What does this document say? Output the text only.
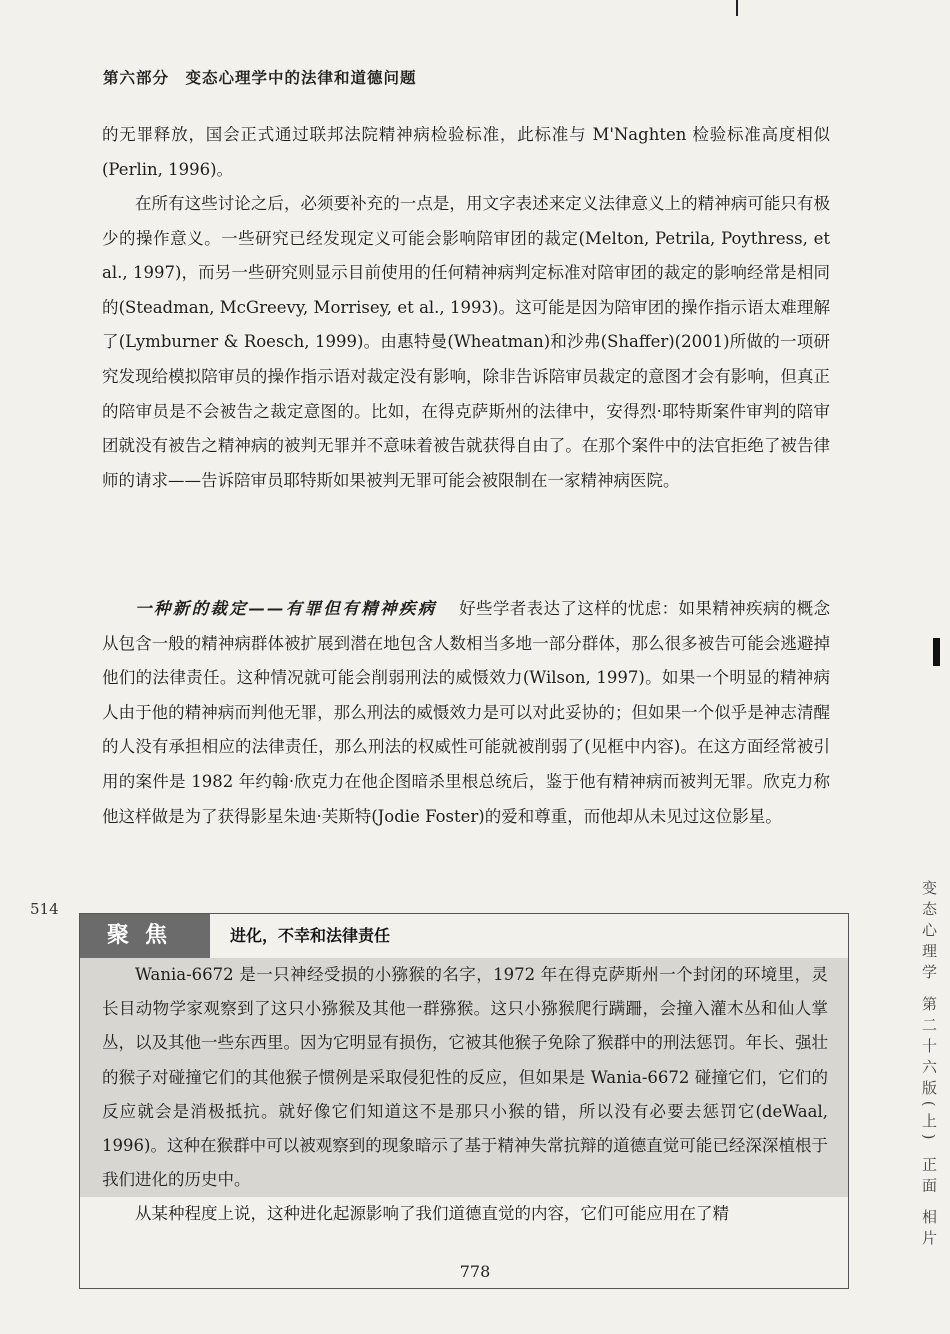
第六部分　变态心理学中的法律和道德问题

的无罪释放，国会正式通过联邦法院精神病检验标准，此标准与 M'Naghten 检验标准高度相似(Perlin, 1996)。

在所有这些讨论之后，必须要补充的一点是，用文字表述来定义法律意义上的精神病可能只有极少的操作意义。一些研究已经发现定义可能会影响陪审团的裁定(Melton, Petrila, Poythress, et al., 1997)，而另一些研究则显示目前使用的任何精神病判定标准对陪审团的裁定的影响经常是相同的(Steadman, McGreevy, Morrisey, et al., 1993)。这可能是因为陪审团的操作指示语太难理解了(Lymburner & Roesch, 1999)。由惠特曼(Wheatman)和沙弗(Shaffer)(2001)所做的一项研究发现给模拟陪审员的操作指示语对裁定没有影响，除非告诉陪审员裁定的意图才会有影响，但真正的陪审员是不会被告之裁定意图的。比如，在得克萨斯州的法律中，安得烈·耶特斯案件审判的陪审团就没有被告之精神病的被判无罪并不意味着被告就获得自由了。在那个案件中的法官拒绝了被告律师的请求——告诉陪审员耶特斯如果被判无罪可能会被限制在一家精神病医院。

一种新的裁定——有罪但有精神疾病 好些学者表达了这样的忧虑：如果精神疾病的概念从包含一般的精神病群体被扩展到潜在地包含人数相当多地一部分群体，那么很多被告可能会逃避掉他们的法律责任。这种情况就可能会削弱刑法的威慑效力(Wilson, 1997)。如果一个明显的精神病人由于他的精神病而判他无罪，那么刑法的威慑效力是可以对此妥协的；但如果一个似乎是神志清醒的人没有承担相应的法律责任，那么刑法的权威性可能就被削弱了(见框中内容)。在这方面经常被引用的案件是 1982 年约翰·欣克力在他企图暗杀里根总统后，鉴于他有精神病而被判无罪。欣克力称他这样做是为了获得影星朱迪·芙斯特(Jodie Foster)的爱和尊重，而他却从未见过这位影星。

514	变态心理学 第二十六版(上) 正面 相片
聚焦	进化，不幸和法律责任

Wania-6672 是一只神经受损的小猕猴的名字，1972 年在得克萨斯州一个封闭的环境里，灵长目动物学家观察到了这只小猕猴及其他一群猕猴。这只小猕猴爬行蹒跚，会撞入灌木丛和仙人掌丛，以及其他一些东西里。因为它明显有损伤，它被其他猴子免除了猴群中的刑法惩罚。年长、强壮的猴子对碰撞它们的其他猴子惯例是采取侵犯性的反应，但如果是 Wania-6672 碰撞它们，它们的反应就会是消极抵抗。就好像它们知道这不是那只小猴的错，所以没有必要去惩罚它(deWaal, 1996)。这种在猴群中可以被观察到的现象暗示了基于精神失常抗辩的道德直觉可能已经深深植根于我们进化的历史中。

从某种程度上说，这种进化起源影响了我们道德直觉的内容，它们可能应用在了精

778
